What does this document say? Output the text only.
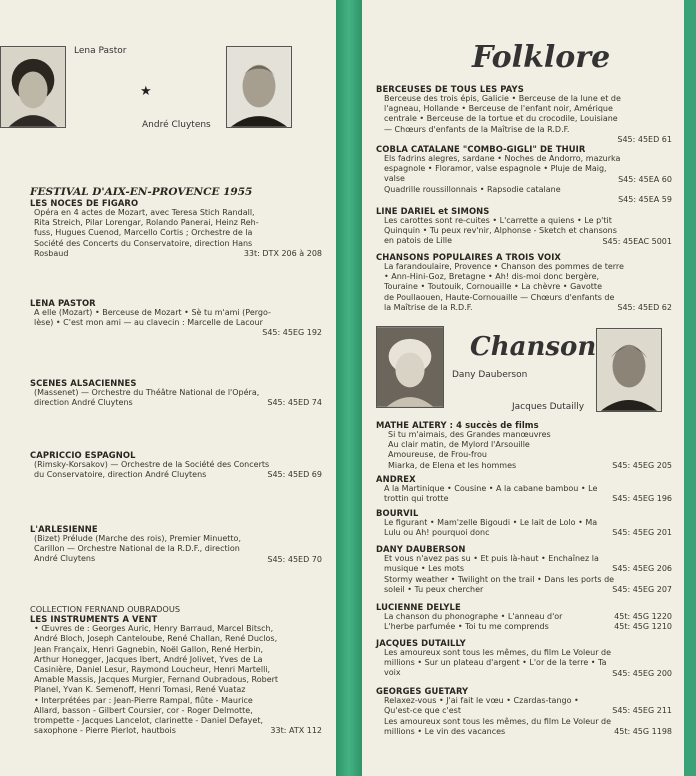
Lena Pastor
★
André Cluytens
FESTIVAL D'AIX-EN-PROVENCE 1955
LES NOCES DE FIGARO
Opéra en 4 actes de Mozart, avec Teresa Stich Randall,
Rita Streich, Pilar Lorengar, Rolando Panerai, Heinz Reh-
fuss, Hugues Cuenod, Marcello Cortis ; Orchestre de la
Société des Concerts du Conservatoire, direction Hans
Rosbaud	33t: DTX 206 à 208
LENA PASTOR
A elle (Mozart) • Berceuse de Mozart • Sè tu m'ami (Pergo-
lèse) • C'est mon ami — au clavecin : Marcelle de Lacour
S45: 45EG 192
SCENES ALSACIENNES
(Massenet) — Orchestre du Théâtre National de l'Opéra,
direction André Cluytens	S45: 45ED 74
CAPRICCIO ESPAGNOL
(Rimsky-Korsakov) — Orchestre de la Société des Concerts
du Conservatoire, direction André Cluytens	S45: 45ED 69
L'ARLESIENNE
(Bizet) Prélude (Marche des rois), Premier Minuetto,
Carillon — Orchestre National de la R.D.F., direction
André Cluytens	S45: 45ED 70
COLLECTION FERNAND OUBRADOUS
LES INSTRUMENTS A VENT
• Œuvres de : Georges Auric, Henry Barraud, Marcel Bitsch,
André Bloch, Joseph Canteloube, René Challan, René Duclos,
Jean Françaix, Henri Gagnebin, Noël Gallon, René Herbin,
Arthur Honegger, Jacques Ibert, André Jolivet, Yves de La
Casinière, Daniel Lesur, Raymond Loucheur, Henri Martelli,
Amable Massis, Jacques Murgier, Fernand Oubradous, Robert
Planel, Yvan K. Semenoff, Henri Tomasi, René Vuataz
• Interprétées par : Jean-Pierre Rampal, flûte - Maurice
Allard, basson - Gilbert Coursier, cor - Roger Delmotte,
trompette - Jacques Lancelot, clarinette - Daniel Defayet,
saxophone - Pierre Pierlot, hautbois	33t: ATX 112
Folklore
BERCEUSES DE TOUS LES PAYS
Berceuse des trois épis, Galicie • Berceuse de la lune et de
l'agneau, Hollande • Berceuse de l'enfant noir, Amérique
centrale • Berceuse de la tortue et du crocodile, Louisiane
— Chœurs d'enfants de la Maîtrise de la R.D.F.
S45: 45ED 61
COBLA CATALANE "COMBO-GIGLI" DE THUIR
Els fadrins alegres, sardane • Noches de Andorro, mazurka
espagnole • Floramor, valse espagnole • Pluje de Maig,
valse	S45: 45EA 60
Quadrille roussillonnais • Rapsodie catalane
S45: 45EA 59
LINE DARIEL et SIMONS
Les carottes sont re-cuites • L'carrette a quiens • Le p'tit
Quinquin • Tu peux rev'nir, Alphonse - Sketch et chansons
en patois de Lille	S45: 45EAC 5001
CHANSONS POPULAIRES A TROIS VOIX
La farandoulaire, Provence • Chanson des pommes de terre
• Ann-Hini-Goz, Bretagne • Ah! dis-moi donc bergère,
Touraine • Toutouik, Cornouaille • La chèvre • Gavotte
de Poullaouen, Haute-Cornouaille — Chœurs d'enfants de
la Maîtrise de la R.D.F.	S45: 45ED 62
Chanson
Dany Dauberson
Jacques Dutailly
MATHE ALTERY : 4 succès de films
Si tu m'aimais, des Grandes manœuvres
Au clair matin, de Mylord l'Arsouille
Amoureuse, de Frou-frou
Miarka, de Elena et les hommes	S45: 45EG 205
ANDREX
A la Martinique • Cousine • A la cabane bambou • Le
trottin qui trotte	S45: 45EG 196
BOURVIL
Le figurant • Mam'zelle Bigoudi • Le lait de Lolo • Ma
Lulu ou Ah! pourquoi donc	S45: 45EG 201
DANY DAUBERSON
Et vous n'avez pas su • Et puis là-haut • Enchaînez la
musique • Les mots	S45: 45EG 206
Stormy weather • Twilight on the trail • Dans les ports de
soleil • Tu peux chercher	S45: 45EG 207
LUCIENNE DELYLE
La chanson du phonographe • L'anneau d'or
L'herbe parfumée • Toi tu me comprends
45t: 45G 1220
45t: 45G 1210
JACQUES DUTAILLY
Les amoureux sont tous les mêmes, du film Le Voleur de
millions • Sur un plateau d'argent • L'or de la terre • Ta
voix	S45: 45EG 200
GEORGES GUETARY
Relaxez-vous • J'ai fait le vœu • Czardas-tango •
Qu'est-ce que c'est	S45: 45EG 211
Les amoureux sont tous les mêmes, du film Le Voleur de
millions • Le vin des vacances	45t: 45G 1198
